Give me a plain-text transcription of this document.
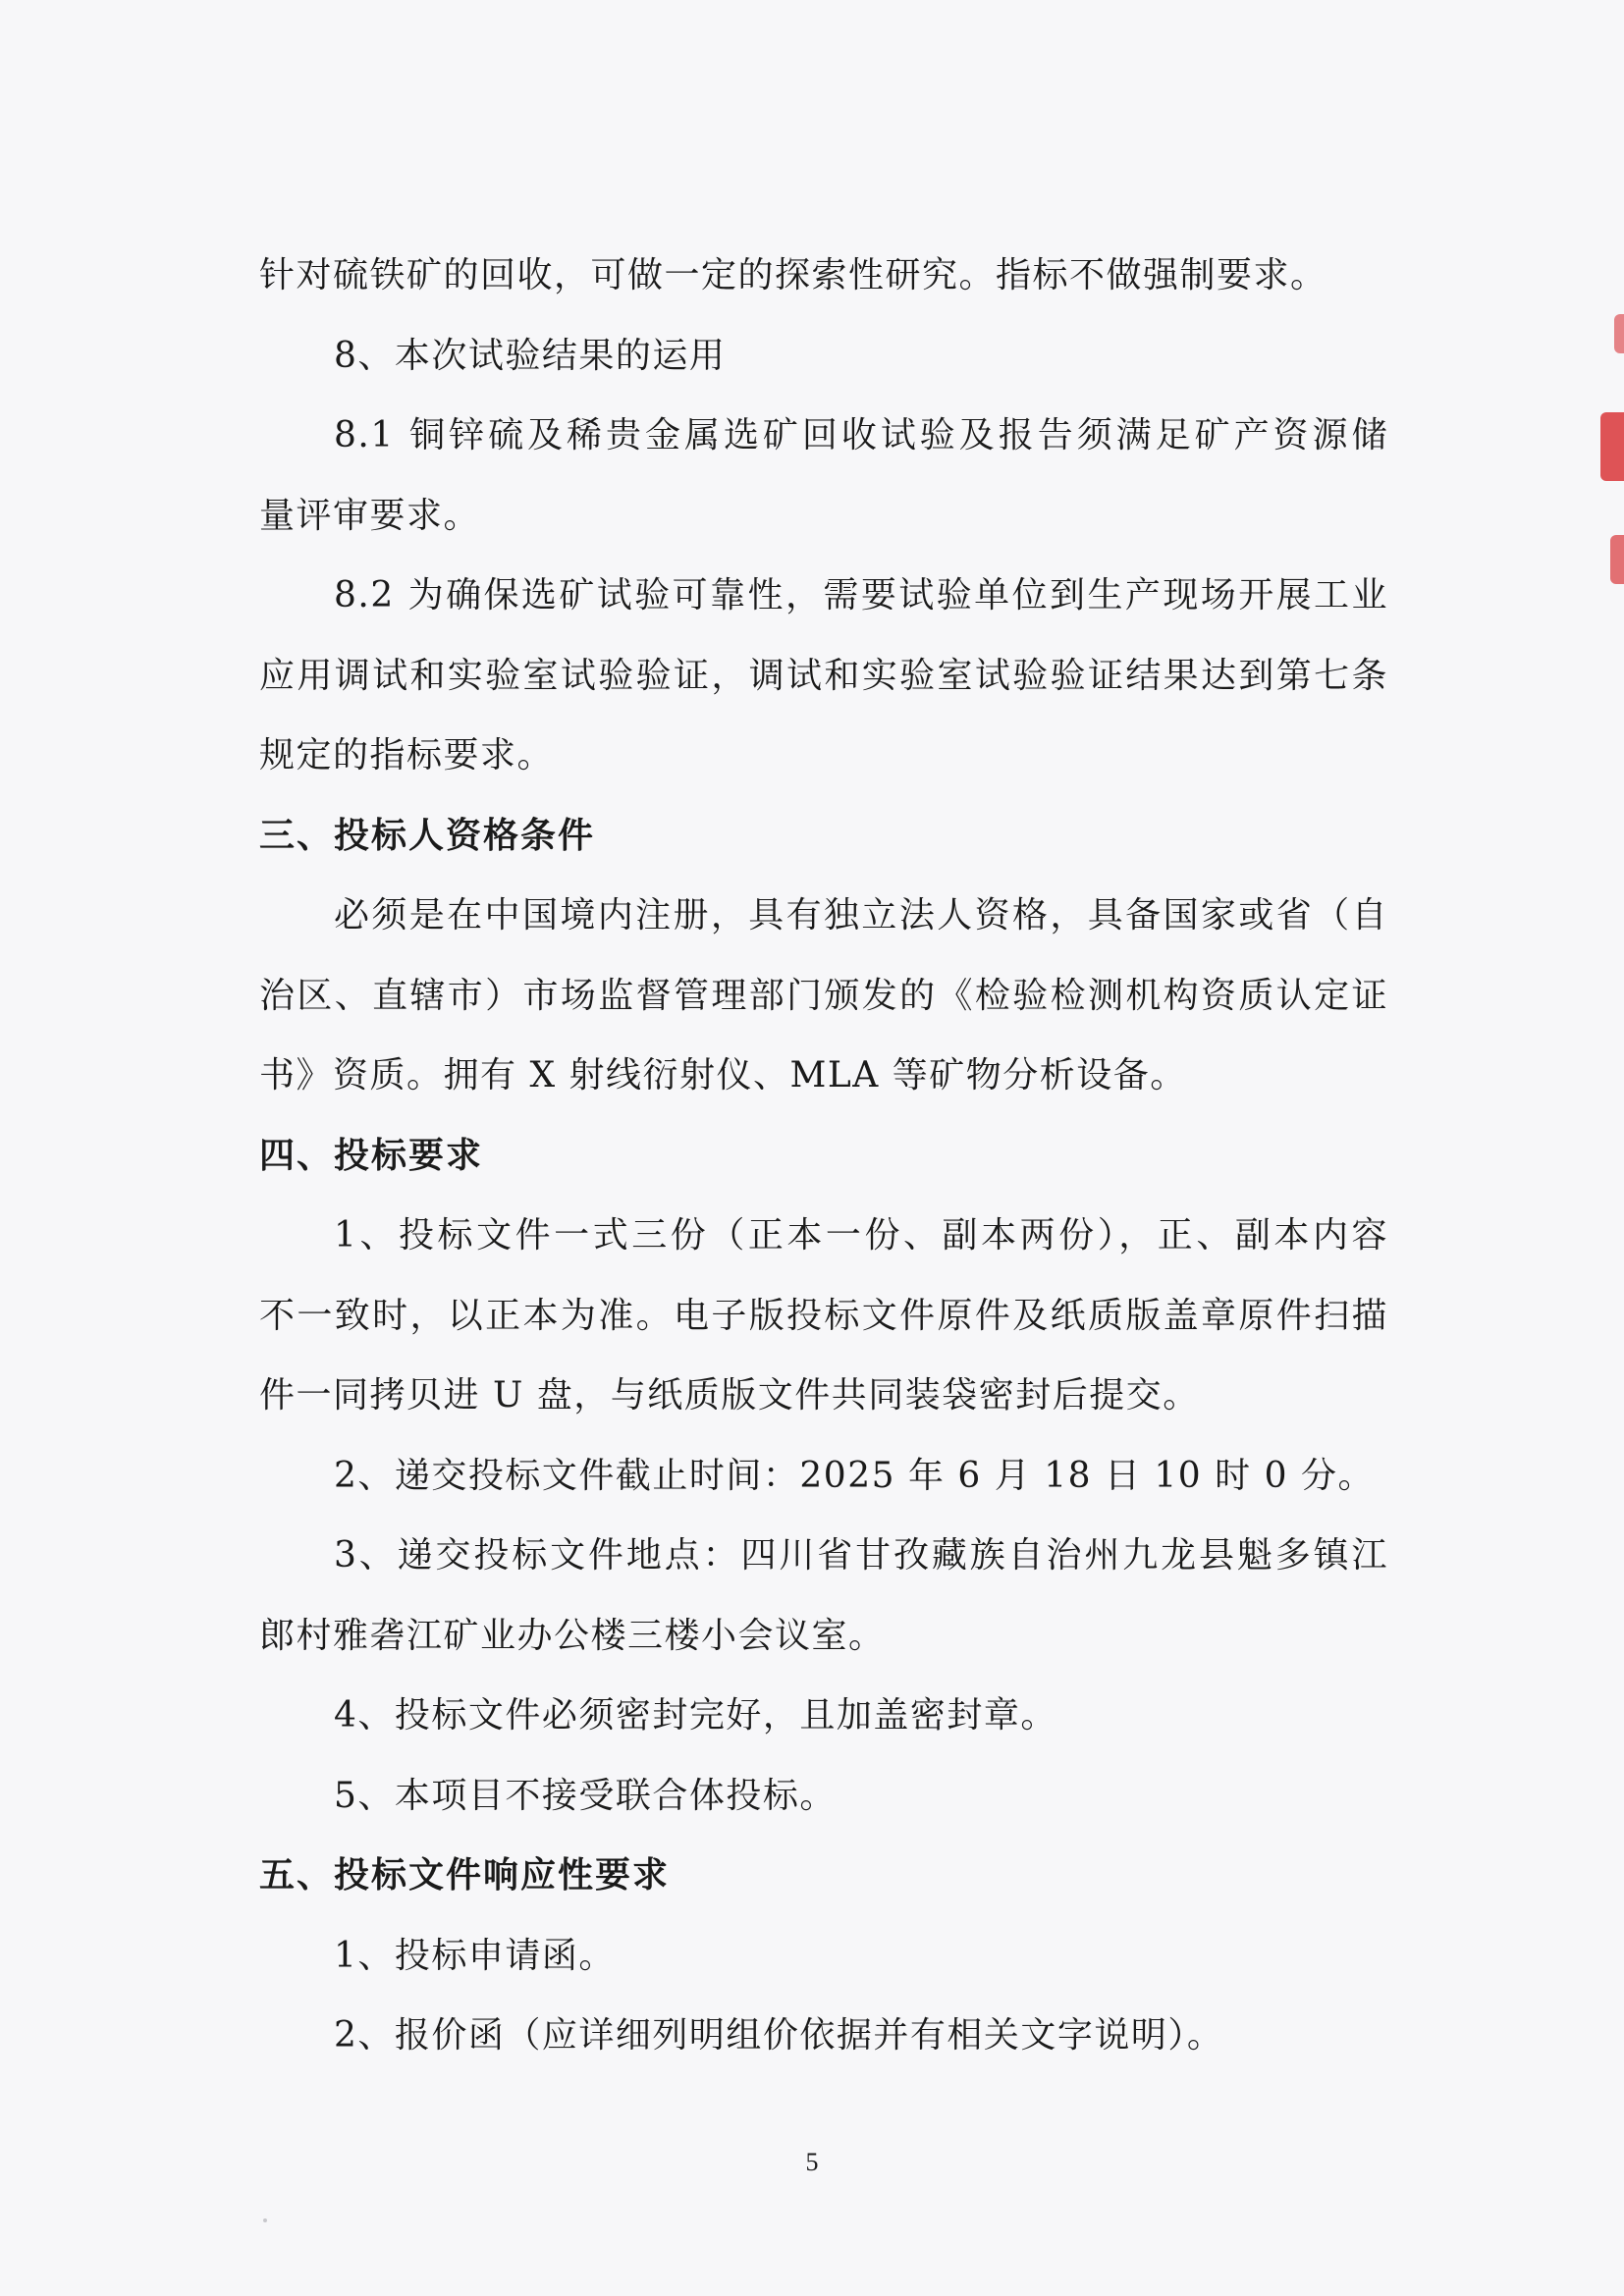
针对硫铁矿的回收，可做一定的探索性研究。指标不做强制要求。
8、本次试验结果的运用
8.1 铜锌硫及稀贵金属选矿回收试验及报告须满足矿产资源储
量评审要求。
8.2 为确保选矿试验可靠性，需要试验单位到生产现场开展工业
应用调试和实验室试验验证，调试和实验室试验验证结果达到第七条
规定的指标要求。
三、投标人资格条件
必须是在中国境内注册，具有独立法人资格，具备国家或省（自
治区、直辖市）市场监督管理部门颁发的《检验检测机构资质认定证
书》资质。拥有 X 射线衍射仪、MLA 等矿物分析设备。
四、投标要求
1、投标文件一式三份（正本一份、副本两份），正、副本内容
不一致时，以正本为准。电子版投标文件原件及纸质版盖章原件扫描
件一同拷贝进 U 盘，与纸质版文件共同装袋密封后提交。
2、递交投标文件截止时间：2025 年 6 月 18 日 10 时 0 分。
3、递交投标文件地点：四川省甘孜藏族自治州九龙县魁多镇江
郎村雅砻江矿业办公楼三楼小会议室。
4、投标文件必须密封完好，且加盖密封章。
5、本项目不接受联合体投标。
五、投标文件响应性要求
1、投标申请函。
2、报价函（应详细列明组价依据并有相关文字说明）。
5
